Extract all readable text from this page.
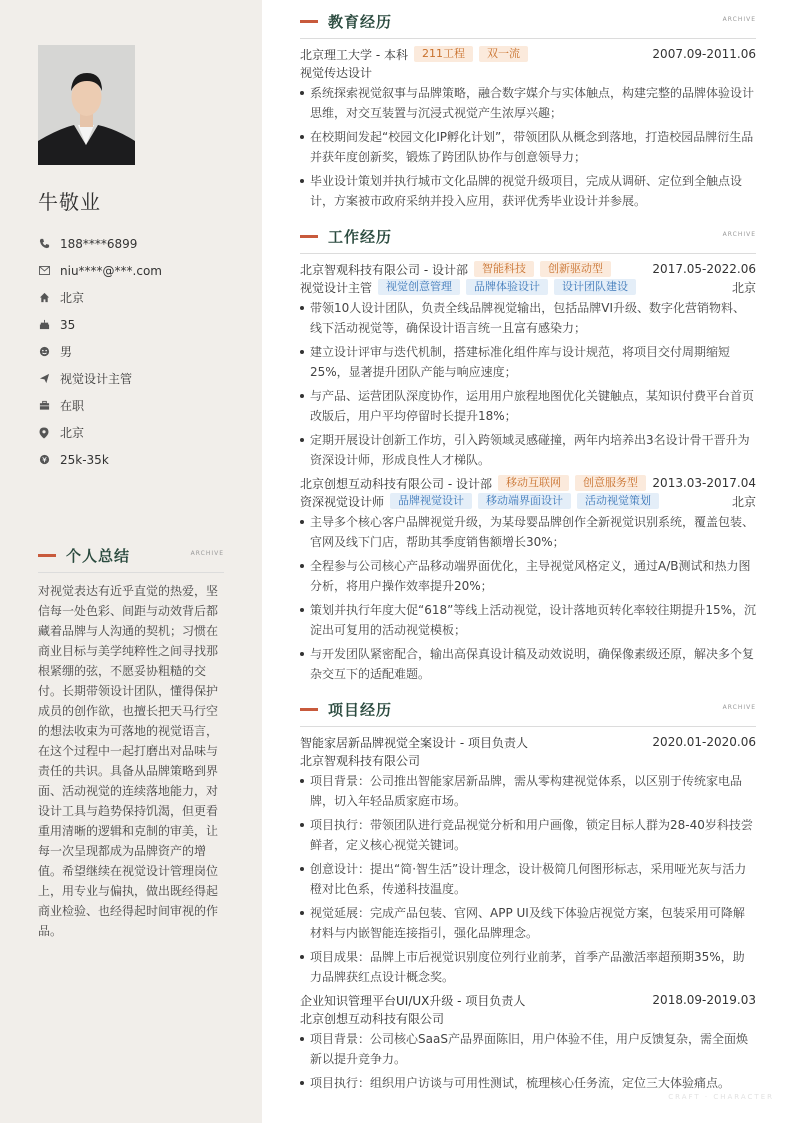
牛敬业
188****6899
niu****@***.com
北京
35
男
视觉设计主管
在职
北京
25k-35k
个人总结	ARCHIVE
对视觉表达有近乎直觉的热爱，坚信每一处色彩、间距与动效背后都藏着品牌与人沟通的契机；习惯在商业目标与美学纯粹性之间寻找那根紧绷的弦，不愿妥协粗糙的交付。长期带领设计团队，懂得保护成员的创作欲，也擅长把天马行空的想法收束为可落地的视觉语言，在这个过程中一起打磨出对品味与责任的共识。具备从品牌策略到界面、活动视觉的连续落地能力，对设计工具与趋势保持饥渴，但更看重用清晰的逻辑和克制的审美，让每一次呈现都成为品牌资产的增值。希望继续在视觉设计管理岗位上，用专业与偏执，做出既经得起商业检验、也经得起时间审视的作品。
教育经历	ARCHIVE
北京理工大学 - 本科	211工程	双一流	2007.09-2011.06
视觉传达设计
系统探索视觉叙事与品牌策略，融合数字媒介与实体触点，构建完整的品牌体验设计思维，对交互装置与沉浸式视觉产生浓厚兴趣；
在校期间发起“校园文化IP孵化计划”，带领团队从概念到落地，打造校园品牌衍生品并获年度创新奖，锻炼了跨团队协作与创意领导力；
毕业设计策划并执行城市文化品牌的视觉升级项目，完成从调研、定位到全触点设计，方案被市政府采纳并投入应用，获评优秀毕业设计并参展。
工作经历	ARCHIVE
北京智观科技有限公司 - 设计部	智能科技	创新驱动型	2017.05-2022.06
视觉设计主管	视觉创意管理	品牌体验设计	设计团队建设	北京
带领10人设计团队，负责全线品牌视觉输出，包括品牌VI升级、数字化营销物料、线下活动视觉等，确保设计语言统一且富有感染力；
建立设计评审与迭代机制，搭建标准化组件库与设计规范，将项目交付周期缩短25%，显著提升团队产能与响应速度；
与产品、运营团队深度协作，运用用户旅程地图优化关键触点，某知识付费平台首页改版后，用户平均停留时长提升18%；
定期开展设计创新工作坊，引入跨领域灵感碰撞，两年内培养出3名设计骨干晋升为资深设计师，形成良性人才梯队。
北京创想互动科技有限公司 - 设计部	移动互联网	创意服务型	2013.03-2017.04
资深视觉设计师	品牌视觉设计	移动端界面设计	活动视觉策划	北京
主导多个核心客户品牌视觉升级，为某母婴品牌创作全新视觉识别系统，覆盖包装、官网及线下门店，帮助其季度销售额增长30%；
全程参与公司核心产品移动端界面优化，主导视觉风格定义，通过A/B测试和热力图分析，将用户操作效率提升20%；
策划并执行年度大促“618”等线上活动视觉，设计落地页转化率较往期提升15%，沉淀出可复用的活动视觉模板；
与开发团队紧密配合，输出高保真设计稿及动效说明，确保像素级还原，解决多个复杂交互下的适配难题。
项目经历	ARCHIVE
智能家居新品牌视觉全案设计 - 项目负责人	2020.01-2020.06
北京智观科技有限公司
项目背景：公司推出智能家居新品牌，需从零构建视觉体系，以区别于传统家电品牌，切入年轻品质家庭市场。
项目执行：带领团队进行竞品视觉分析和用户画像，锁定目标人群为28-40岁科技尝鲜者，定义核心视觉关键词。
创意设计：提出“简·智生活”设计理念，设计极简几何图形标志，采用哑光灰与活力橙对比色系，传递科技温度。
视觉延展：完成产品包装、官网、APP UI及线下体验店视觉方案，包装采用可降解材料与内嵌智能连接指引，强化品牌理念。
项目成果：品牌上市后视觉识别度位列行业前茅，首季产品激活率超预期35%，助力品牌获红点设计概念奖。
企业知识管理平台UI/UX升级 - 项目负责人	2018.09-2019.03
北京创想互动科技有限公司
项目背景：公司核心SaaS产品界面陈旧，用户体验不佳，用户反馈复杂，需全面焕新以提升竞争力。
项目执行：组织用户访谈与可用性测试，梳理核心任务流，定位三大体验痛点。
CRAFT · CHARACTER
